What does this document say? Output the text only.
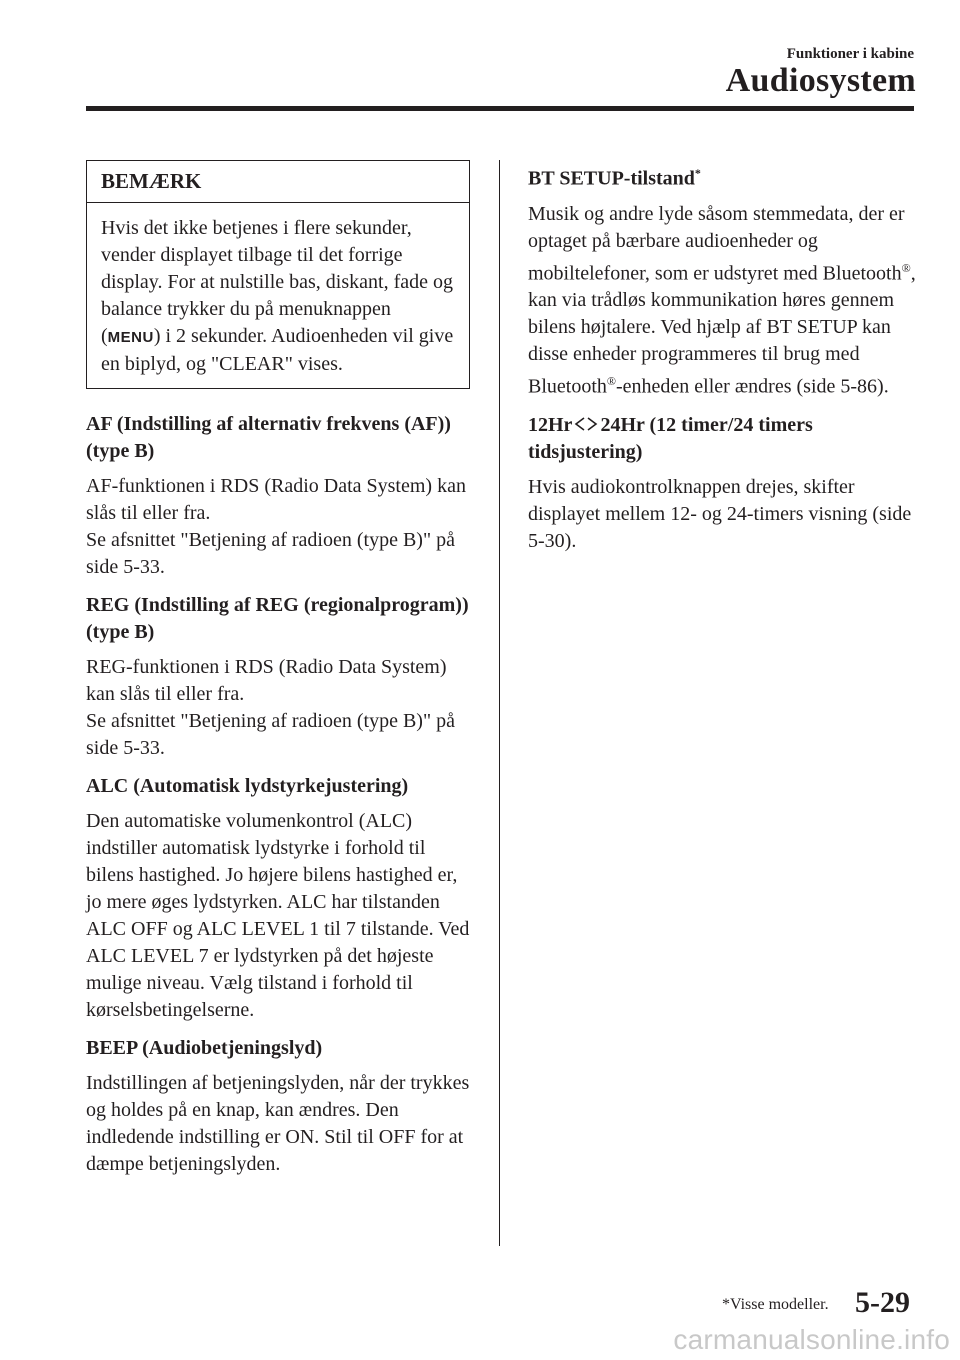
Funktioner i kabine
Audiosystem
BEMÆRK
Hvis det ikke betjenes i flere sekunder, vender displayet tilbage til det forrige display. For at nulstille bas, diskant, fade og balance trykker du på menuknappen (MENU) i 2 sekunder. Audioenheden vil give en biplyd, og "CLEAR" vises.
AF (Indstilling af alternativ frekvens (AF)) (type B)

AF-funktionen i RDS (Radio Data System) kan slås til eller fra.

Se afsnittet "Betjening af radioen (type B)" på side 5-33.

REG (Indstilling af REG (regionalprogram)) (type B)

REG-funktionen i RDS (Radio Data System) kan slås til eller fra.

Se afsnittet "Betjening af radioen (type B)" på side 5-33.

ALC (Automatisk lydstyrkejustering)

Den automatiske volumenkontrol (ALC) indstiller automatisk lydstyrke i forhold til bilens hastighed. Jo højere bilens hastighed er, jo mere øges lydstyrken. ALC har tilstanden ALC OFF og ALC LEVEL 1 til 7 tilstande. Ved ALC LEVEL 7 er lydstyrken på det højeste mulige niveau. Vælg tilstand i forhold til kørselsbetingelserne.

BEEP (Audiobetjeningslyd)

Indstillingen af betjeningslyden, når der trykkes og holdes på en knap, kan ændres. Den indledende indstilling er ON. Stil til OFF for at dæmpe betjeningslyden.

BT SETUP-tilstand*

Musik og andre lyde såsom stemmedata, der er optaget på bærbare audioenheder og mobiltelefoner, som er udstyret med Bluetooth®, kan via trådløs kommunikation høres gennem bilens højtalere. Ved hjælp af BT SETUP kan disse enheder programmeres til brug med Bluetooth®-enheden eller ændres (side 5-86).

12Hr 24Hr (12 timer/24 timers tidsjustering)

Hvis audiokontrolknappen drejes, skifter displayet mellem 12- og 24-timers visning (side 5-30).

*Visse modeller. 5-29
carmanualsonline.info
